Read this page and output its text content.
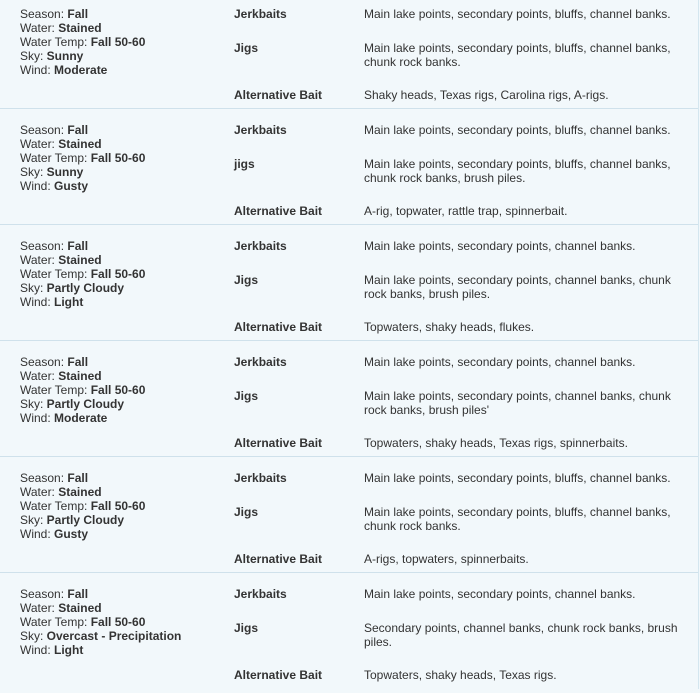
Season: Fall
Water: Stained
Water Temp: Fall 50-60
Sky: Sunny
Wind: Moderate
Jerkbaits	Main lake points, secondary points, bluffs, channel banks.
Jigs	Main lake points, secondary points, bluffs, channel banks, chunk rock banks.
Alternative Bait	Shaky heads, Texas rigs, Carolina rigs, A-rigs.
Season: Fall
Water: Stained
Water Temp: Fall 50-60
Sky: Sunny
Wind: Gusty
Jerkbaits	Main lake points, secondary points, bluffs, channel banks.
jigs	Main lake points, secondary points, bluffs, channel banks, chunk rock banks, brush piles.
Alternative Bait	A-rig, topwater, rattle trap, spinnerbait.
Season: Fall
Water: Stained
Water Temp: Fall 50-60
Sky: Partly Cloudy
Wind: Light
Jerkbaits	Main lake points, secondary points, channel banks.
Jigs	Main lake points, secondary points, channel banks, chunk rock banks, brush piles.
Alternative Bait	Topwaters, shaky heads, flukes.
Season: Fall
Water: Stained
Water Temp: Fall 50-60
Sky: Partly Cloudy
Wind: Moderate
Jerkbaits	Main lake points, secondary points, channel banks.
Jigs	Main lake points, secondary points, channel banks, chunk rock banks, brush piles'
Alternative Bait	Topwaters, shaky heads, Texas rigs, spinnerbaits.
Season: Fall
Water: Stained
Water Temp: Fall 50-60
Sky: Partly Cloudy
Wind: Gusty
Jerkbaits	Main lake points, secondary points, bluffs, channel banks.
Jigs	Main lake points, secondary points, bluffs, channel banks, chunk rock banks.
Alternative Bait	A-rigs, topwaters, spinnerbaits.
Season: Fall
Water: Stained
Water Temp: Fall 50-60
Sky: Overcast - Precipitation
Wind: Light
Jerkbaits	Main lake points, secondary points, channel banks.
Jigs	Secondary points, channel banks, chunk rock banks, brush piles.
Alternative Bait	Topwaters, shaky heads, Texas rigs.
